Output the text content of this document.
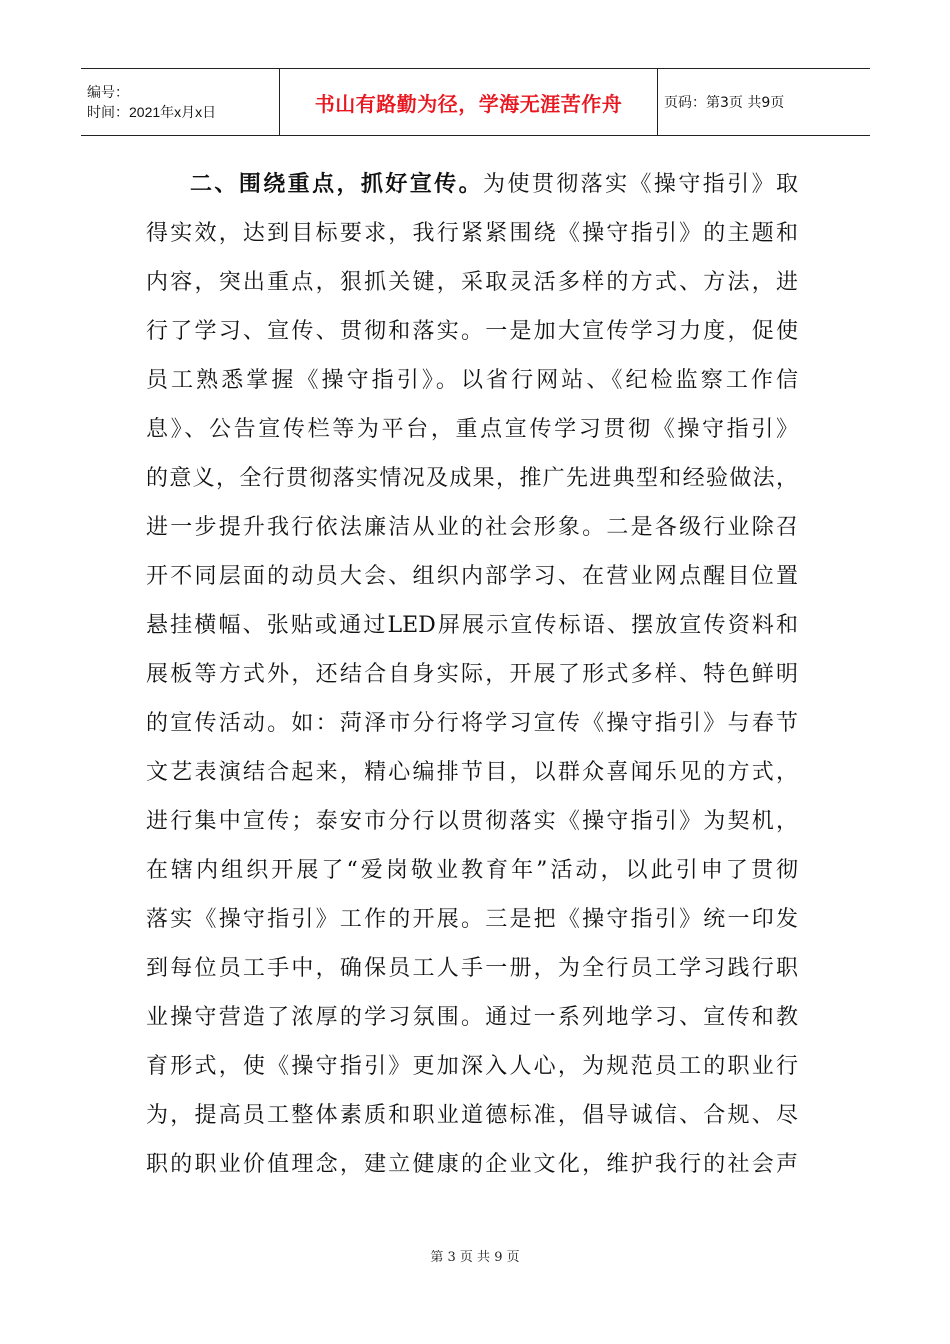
编号：
时间：2021年x月x日	书山有路勤为径，学海无涯苦作舟	页码：第3页 共9页

二、围绕重点，抓好宣传。为使贯彻落实《操守指引》取
得实效，达到目标要求，我行紧紧围绕《操守指引》的主题和
内容，突出重点，狠抓关键，采取灵活多样的方式、方法，进
行了学习、宣传、贯彻和落实。一是加大宣传学习力度，促使
员工熟悉掌握《操守指引》。以省行网站、《纪检监察工作信
息》、公告宣传栏等为平台，重点宣传学习贯彻《操守指引》
的意义，全行贯彻落实情况及成果，推广先进典型和经验做法，
进一步提升我行依法廉洁从业的社会形象。二是各级行业除召
开不同层面的动员大会、组织内部学习、在营业网点醒目位置
悬挂横幅、张贴或通过LED屏展示宣传标语、摆放宣传资料和
展板等方式外，还结合自身实际，开展了形式多样、特色鲜明
的宣传活动。如：菏泽市分行将学习宣传《操守指引》与春节
文艺表演结合起来，精心编排节目，以群众喜闻乐见的方式，
进行集中宣传；泰安市分行以贯彻落实《操守指引》为契机，
在辖内组织开展了“爱岗敬业教育年”活动，以此引申了贯彻
落实《操守指引》工作的开展。三是把《操守指引》统一印发
到每位员工手中，确保员工人手一册，为全行员工学习践行职
业操守营造了浓厚的学习氛围。通过一系列地学习、宣传和教
育形式，使《操守指引》更加深入人心，为规范员工的职业行
为，提高员工整体素质和职业道德标准，倡导诚信、合规、尽
职的职业价值理念，建立健康的企业文化，维护我行的社会声

第 3 页 共 9 页
